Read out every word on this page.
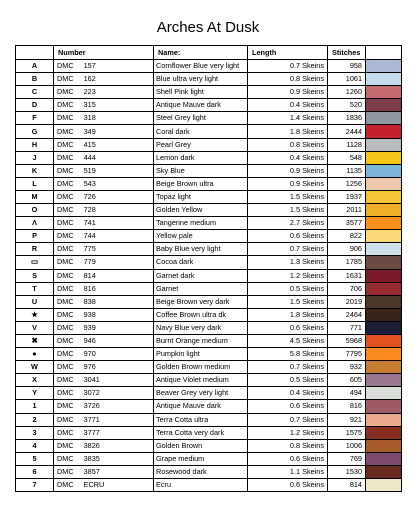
Arches At Dusk
	Number	Name:	Length	Stitches	
A	DMC 157	Cornflower Blue very light	0.7 Skeins	958	
B	DMC 162	Blue ultra very light	0.8 Skeins	1061	
C	DMC 223	Shell Pink light	0.9 Skeins	1260	
D	DMC 315	Antique Mauve dark	0.4 Skeins	520	
F	DMC 318	Steel Grey light	1.4 Skeins	1836	
G	DMC 349	Coral dark	1.8 Skeins	2444	
H	DMC 415	Pearl Grey	0.8 Skeins	1128	
J	DMC 444	Lemon dark	0.4 Skeins	548	
K	DMC 519	Sky Blue	0.9 Skeins	1135	
L	DMC 543	Beige Brown ultra	0.9 Skeins	1256	
M	DMC 726	Topaz light	1.5 Skeins	1937	
O	DMC 728	Golden Yellow	1.5 Skeins	2011	
Λ	DMC 741	Tangerine medium	2.7 Skeins	3577	
P	DMC 744	Yellow pale	0.6 Skeins	822	
R	DMC 775	Baby Blue very light	0.7 Skeins	906	
▭	DMC 779	Cocoa dark	1.3 Skeins	1785	
S	DMC 814	Garnet dark	1.2 Skeins	1631	
T	DMC 816	Garnet	0.5 Skeins	706	
U	DMC 838	Beige Brown very dark	1.5 Skeins	2019	
★	DMC 938	Coffee Brown ultra dk	1.8 Skeins	2464	
V	DMC 939	Navy Blue very dark	0.6 Skeins	771	
✖	DMC 946	Burnt Orange medium	4.5 Skeins	5968	
●	DMC 970	Pumpkin light	5.8 Skeins	7795	
W	DMC 976	Golden Brown medium	0.7 Skeins	932	
X	DMC 3041	Antique Violet medium	0.5 Skeins	605	
Y	DMC 3072	Beaver Grey very light	0.4 Skeins	494	
1	DMC 3726	Antique Mauve dark	0.6 Skeins	816	
2	DMC 3771	Terra Cotta ultra	0.7 Skeins	921	
3	DMC 3777	Terra Cotta very dark	1.2 Skeins	1575	
4	DMC 3826	Golden Brown	0.8 Skeins	1006	
5	DMC 3835	Grape medium	0.6 Skeins	769	
6	DMC 3857	Rosewood dark	1.1 Skeins	1530	
7	DMC ECRU	Ecru	0.6 Skeins	814	
